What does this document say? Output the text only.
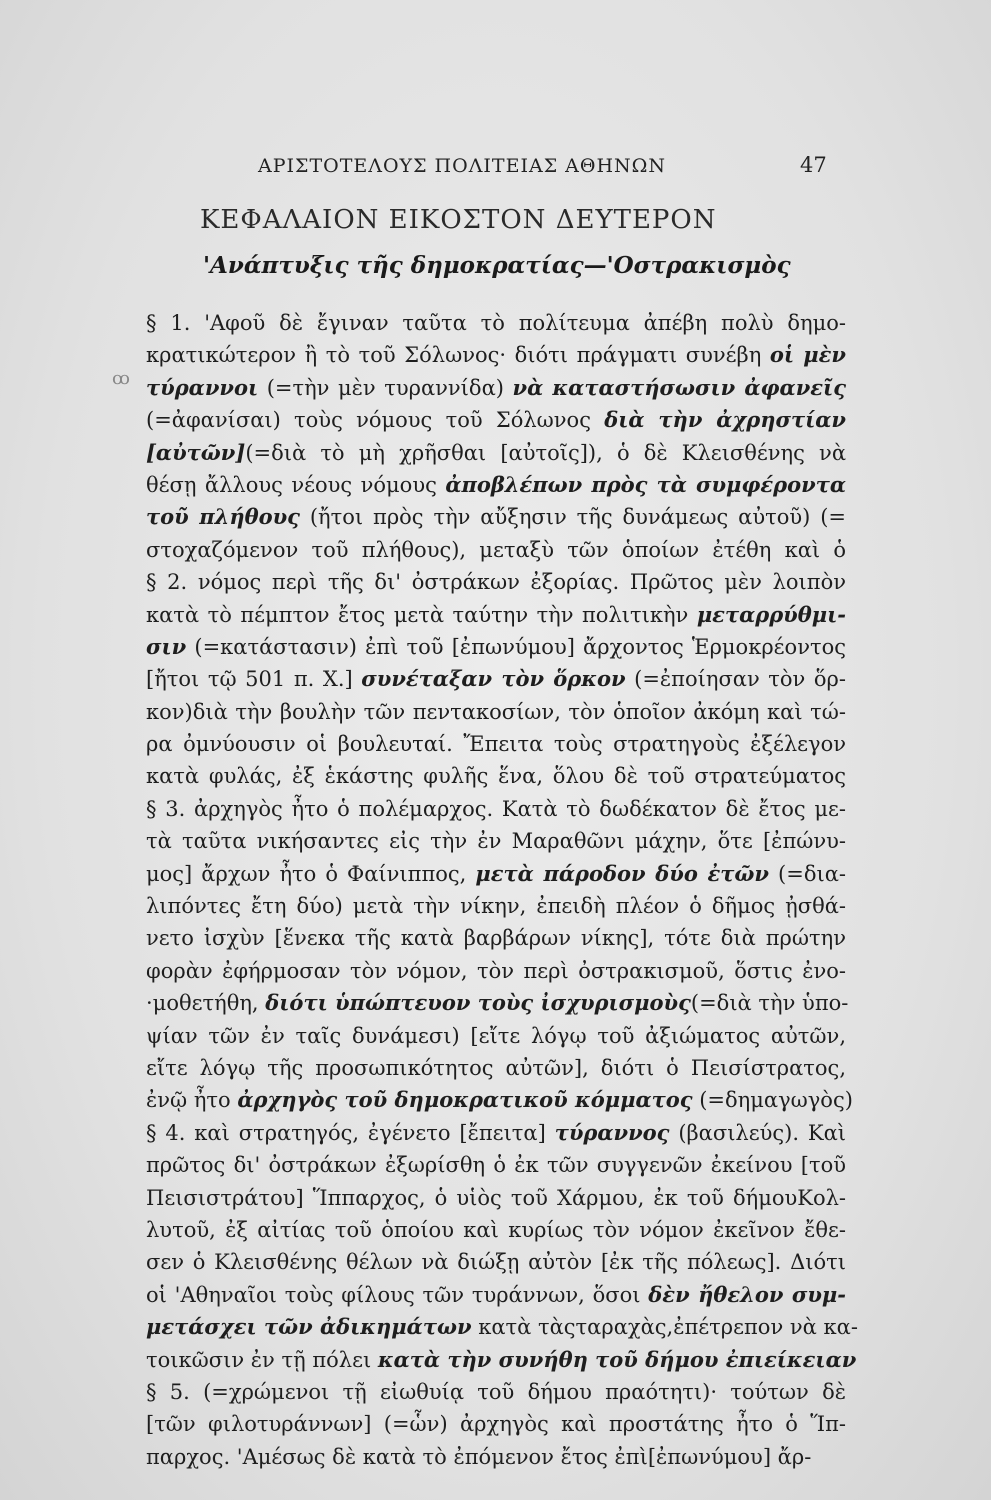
ΑΡΙΣΤΟΤΕΛΟΥΣ ΠΟΛΙΤΕΙΑΣ ΑΘΗΝΩΝ	47
ΚΕΦΑΛΑΙΟΝ ΕΙΚΟΣΤΟΝ ΔΕΥΤΕΡΟΝ
'Ανάπτυξις τῆς δημοκρατίας—'Οστρακισμὸς
ꝏ
§ 1. 'Αφοῦ δὲ ἔγιναν ταῦτα τὸ πολίτευμα ἀπέβη πολὺ δημο-
κρατικώτερον ἢ τὸ τοῦ Σόλωνος· διότι πράγματι συνέβη οἱ μὲν
τύραννοι (=τὴν μὲν τυραννίδα) νὰ καταστήσωσιν ἀφανεῖς
(=ἀφανίσαι) τοὺς νόμους τοῦ Σόλωνος διὰ τὴν ἀχρηστίαν
[αὐτῶν](=διὰ τὸ μὴ χρῆσθαι [αὐτοῖς]), ὁ δὲ Κλεισθένης νὰ
θέσῃ ἄλλους νέους νόμους ἀποβλέπων πρὸς τὰ συμφέροντα
τοῦ πλήθους (ἤτοι πρὸς τὴν αὔξησιν τῆς δυνάμεως αὐτοῦ) (=
στοχαζόμενον τοῦ πλήθους), μεταξὺ τῶν ὁποίων ἐτέθη καὶ ὁ
§ 2. νόμος περὶ τῆς δι' ὀστράκων ἐξορίας. Πρῶτος μὲν λοιπὸν
κατὰ τὸ πέμπτον ἔτος μετὰ ταύτην τὴν πολιτικὴν μεταρρύθμι-
σιν (=κατάστασιν) ἐπὶ τοῦ [ἐπωνύμου] ἄρχοντος Ἑρμοκρέοντος
[ἤτοι τῷ 501 π. Χ.] συνέταξαν τὸν ὅρκον (=ἐποίησαν τὸν ὅρ-
κον)διὰ τὴν βουλὴν τῶν πεντακοσίων, τὸν ὁποῖον ἀκόμη καὶ τώ-
ρα ὀμνύουσιν οἱ βουλευταί. Ἔπειτα τοὺς στρατηγοὺς ἐξέλεγον
κατὰ φυλάς, ἐξ ἑκάστης φυλῆς ἕνα, ὅλου δὲ τοῦ στρατεύματος
§ 3. ἀρχηγὸς ἦτο ὁ πολέμαρχος. Κατὰ τὸ δωδέκατον δὲ ἔτος με-
τὰ ταῦτα νικήσαντες εἰς τὴν ἐν Μαραθῶνι μάχην, ὅτε [ἐπώνυ-
μος] ἄρχων ἦτο ὁ Φαίνιππος, μετὰ πάροδον δύο ἐτῶν (=δια-
λιπόντες ἔτη δύο) μετὰ τὴν νίκην, ἐπειδὴ πλέον ὁ δῆμος ᾐσθά-
νετο ἰσχὺν [ἕνεκα τῆς κατὰ βαρβάρων νίκης], τότε διὰ πρώτην
φορὰν ἐφήρμοσαν τὸν νόμον, τὸν περὶ ὀστρακισμοῦ, ὅστις ἐνο-
·μοθετήθη, διότι ὑπώπτευον τοὺς ἰσχυρισμοὺς(=διὰ τὴν ὑπο-
ψίαν τῶν ἐν ταῖς δυνάμεσι) [εἴτε λόγῳ τοῦ ἀξιώματος αὐτῶν,
εἴτε λόγῳ τῆς προσωπικότητος αὐτῶν], διότι ὁ Πεισίστρατος,
ἐνῷ ἦτο ἀρχηγὸς τοῦ δημοκρατικοῦ κόμματος (=δημαγωγὸς)
§ 4. καὶ στρατηγός, ἐγένετο [ἔπειτα] τύραννος (βασιλεύς). Καὶ
πρῶτος δι' ὀστράκων ἐξωρίσθη ὁ ἐκ τῶν συγγενῶν ἐκείνου [τοῦ
Πεισιστράτου] Ἵππαρχος, ὁ υἱὸς τοῦ Χάρμου, ἐκ τοῦ δήμουΚολ-
λυτοῦ, ἐξ αἰτίας τοῦ ὁποίου καὶ κυρίως τὸν νόμον ἐκεῖνον ἔθε-
σεν ὁ Κλεισθένης θέλων νὰ διώξῃ αὐτὸν [ἐκ τῆς πόλεως]. Διότι
οἱ 'Αθηναῖοι τοὺς φίλους τῶν τυράννων, ὅσοι δὲν ἤθελον συμ-
μετάσχει τῶν ἀδικημάτων κατὰ τὰςταραχὰς,ἐπέτρεπον νὰ κα-
τοικῶσιν ἐν τῇ πόλει κατὰ τὴν συνήθη τοῦ δήμου ἐπιείκειαν
§ 5. (=χρώμενοι τῇ εἰωθυίᾳ τοῦ δήμου πραότητι)· τούτων δὲ
[τῶν φιλοτυράννων] (=ὧν) ἀρχηγὸς καὶ προστάτης ἦτο ὁ Ἵπ-
παρχος. 'Αμέσως δὲ κατὰ τὸ ἐπόμενον ἔτος ἐπὶ[ἐπωνύμου] ἄρ-
